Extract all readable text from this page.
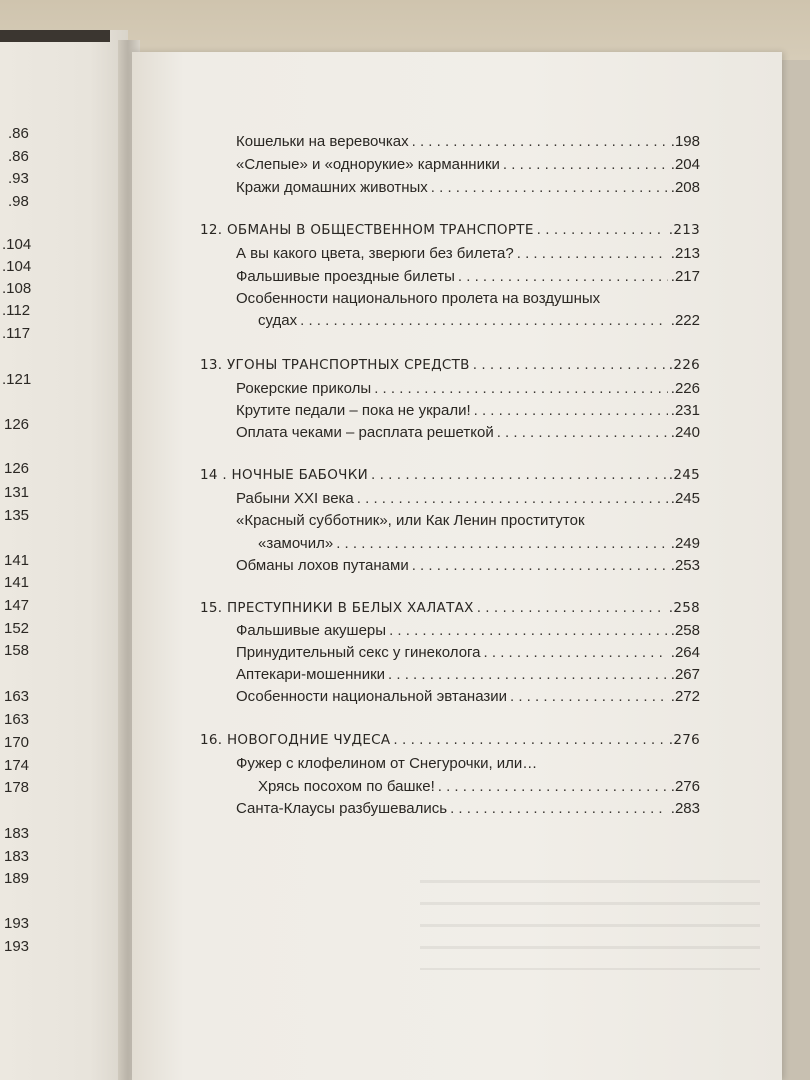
.86
.86
.93
.98
.104
.104
.108
.112
.117
.121
126
126
131
135
141
141
147
152
158
163
163
170
174
178
183
183
189
193
193
Кошельки на веревочках . . .	.198
«Слепые» и «однорукие» карманники . . .	.204
Кражи домашних животных . . .	.208
12. ОБМАНЫ В ОБЩЕСТВЕННОМ ТРАНСПОРТЕ . . .	.213
А вы какого цвета, зверюги без билета? . . .	.213
Фальшивые проездные билеты . . .	.217
Особенности национального пролета на воздушных
судах . . .	.222
13. УГОНЫ ТРАНСПОРТНЫХ СРЕДСТВ . . .	.226
Рокерские приколы . . .	.226
Крутите педали – пока не украли! . . .	.231
Оплата чеками – расплата решеткой . . .	.240
14 . НОЧНЫЕ БАБОЧКИ . . .	.245
Рабыни XXI века . . .	.245
«Красный субботник», или Как Ленин проституток
«замочил» . . .	.249
Обманы лохов путанами . . .	.253
15. ПРЕСТУПНИКИ В БЕЛЫХ ХАЛАТАХ . . .	.258
Фальшивые акушеры . . .	.258
Принудительный секс у гинеколога . . .	.264
Аптекари-мошенники . . .	.267
Особенности национальной эвтаназии . . .	.272
16. НОВОГОДНИЕ ЧУДЕСА . . .	.276
Фужер с клофелином от Снегурочки, или…
Хрясь посохом по башке! . . .	.276
Санта-Клаусы разбушевались . . .	.283
